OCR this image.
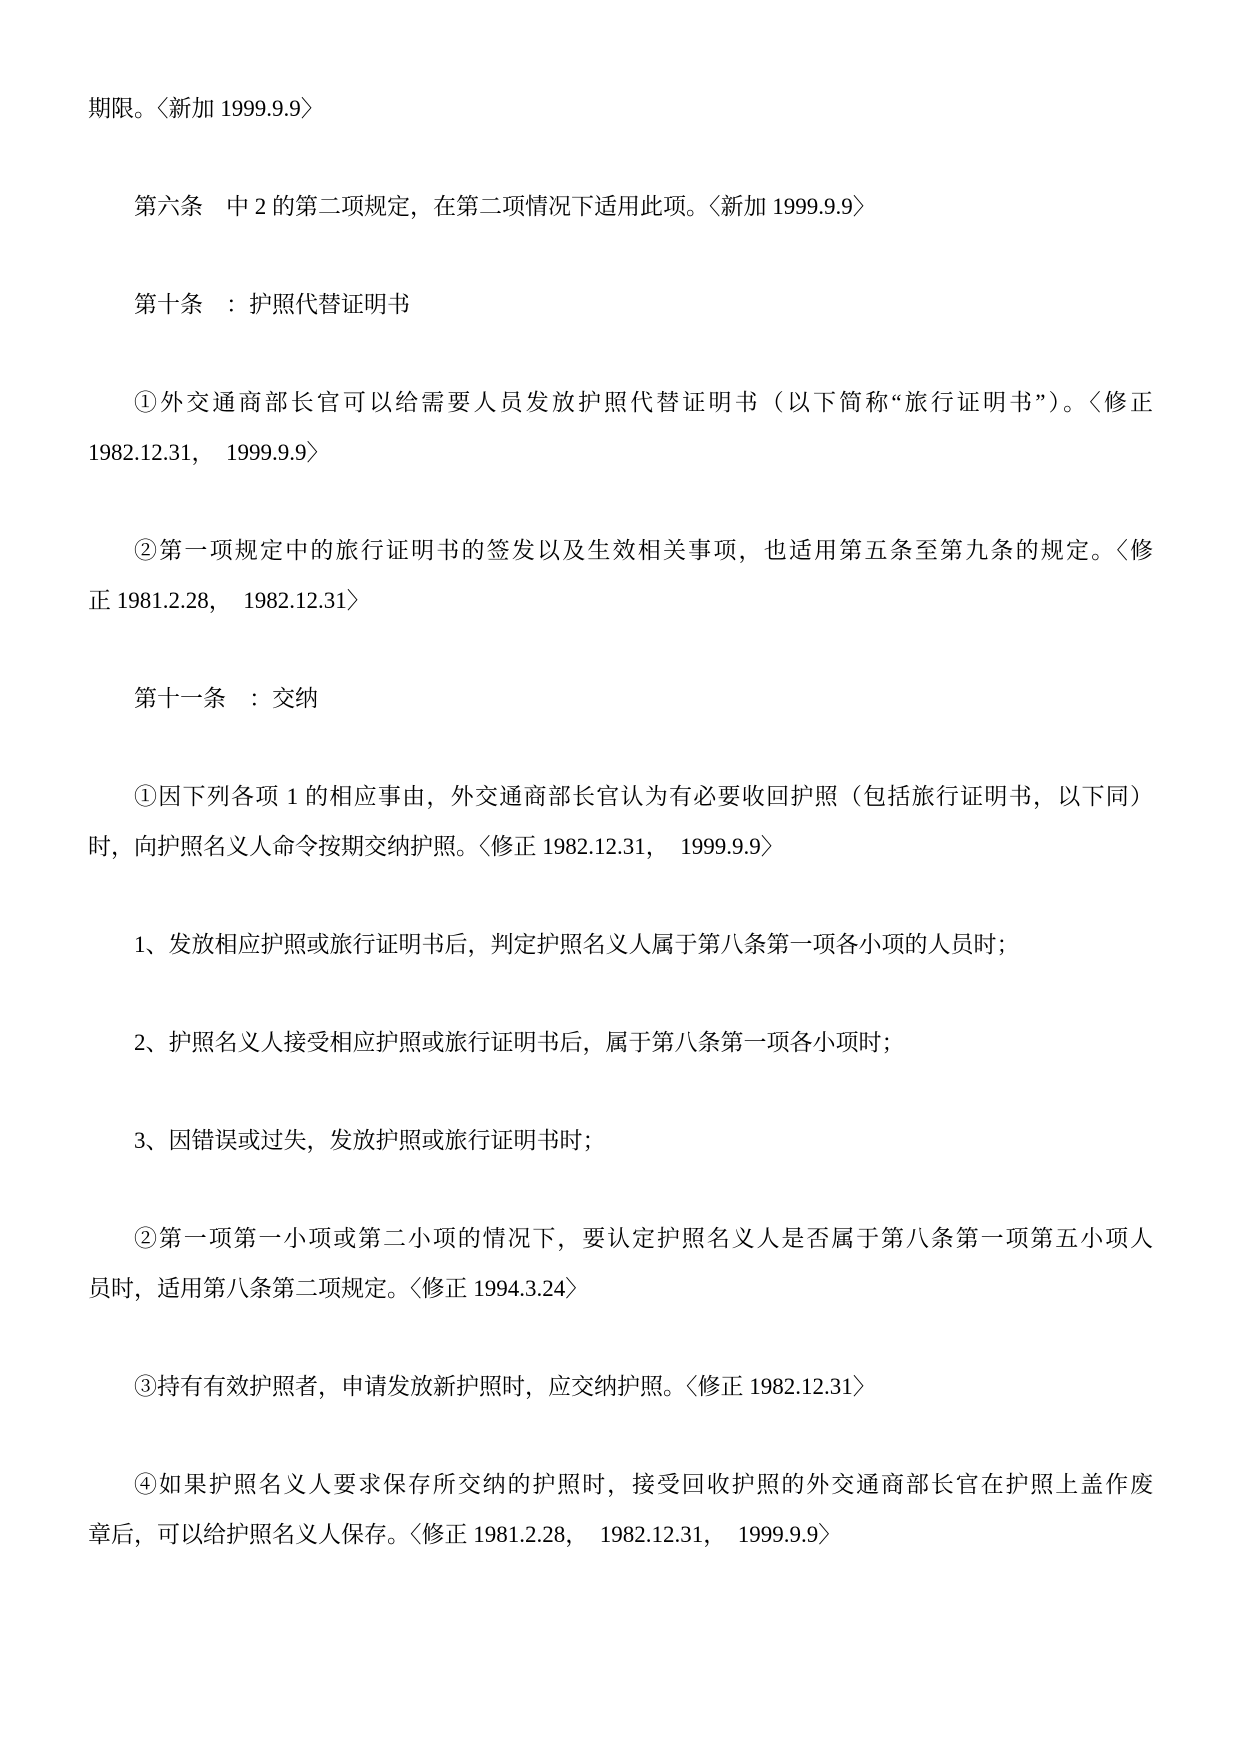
期限。〈新加 1999.9.9〉
第六条　中 2 的第二项规定，在第二项情况下适用此项。〈新加 1999.9.9〉
第十条　：护照代替证明书
①外交通商部长官可以给需要人员发放护照代替证明书（以下简称“旅行证明书”）。〈修正
1982.12.31，　1999.9.9〉
②第一项规定中的旅行证明书的签发以及生效相关事项，也适用第五条至第九条的规定。〈修
正 1981.2.28，　1982.12.31〉
第十一条　：交纳
①因下列各项 1 的相应事由，外交通商部长官认为有必要收回护照（包括旅行证明书，以下同）
时，向护照名义人命令按期交纳护照。〈修正 1982.12.31，　1999.9.9〉
1、发放相应护照或旅行证明书后，判定护照名义人属于第八条第一项各小项的人员时；
2、护照名义人接受相应护照或旅行证明书后，属于第八条第一项各小项时；
3、因错误或过失，发放护照或旅行证明书时；
②第一项第一小项或第二小项的情况下，要认定护照名义人是否属于第八条第一项第五小项人
员时，适用第八条第二项规定。〈修正 1994.3.24〉
③持有有效护照者，申请发放新护照时，应交纳护照。〈修正 1982.12.31〉
④如果护照名义人要求保存所交纳的护照时，接受回收护照的外交通商部长官在护照上盖作废
章后，可以给护照名义人保存。〈修正 1981.2.28，　1982.12.31，　1999.9.9〉
